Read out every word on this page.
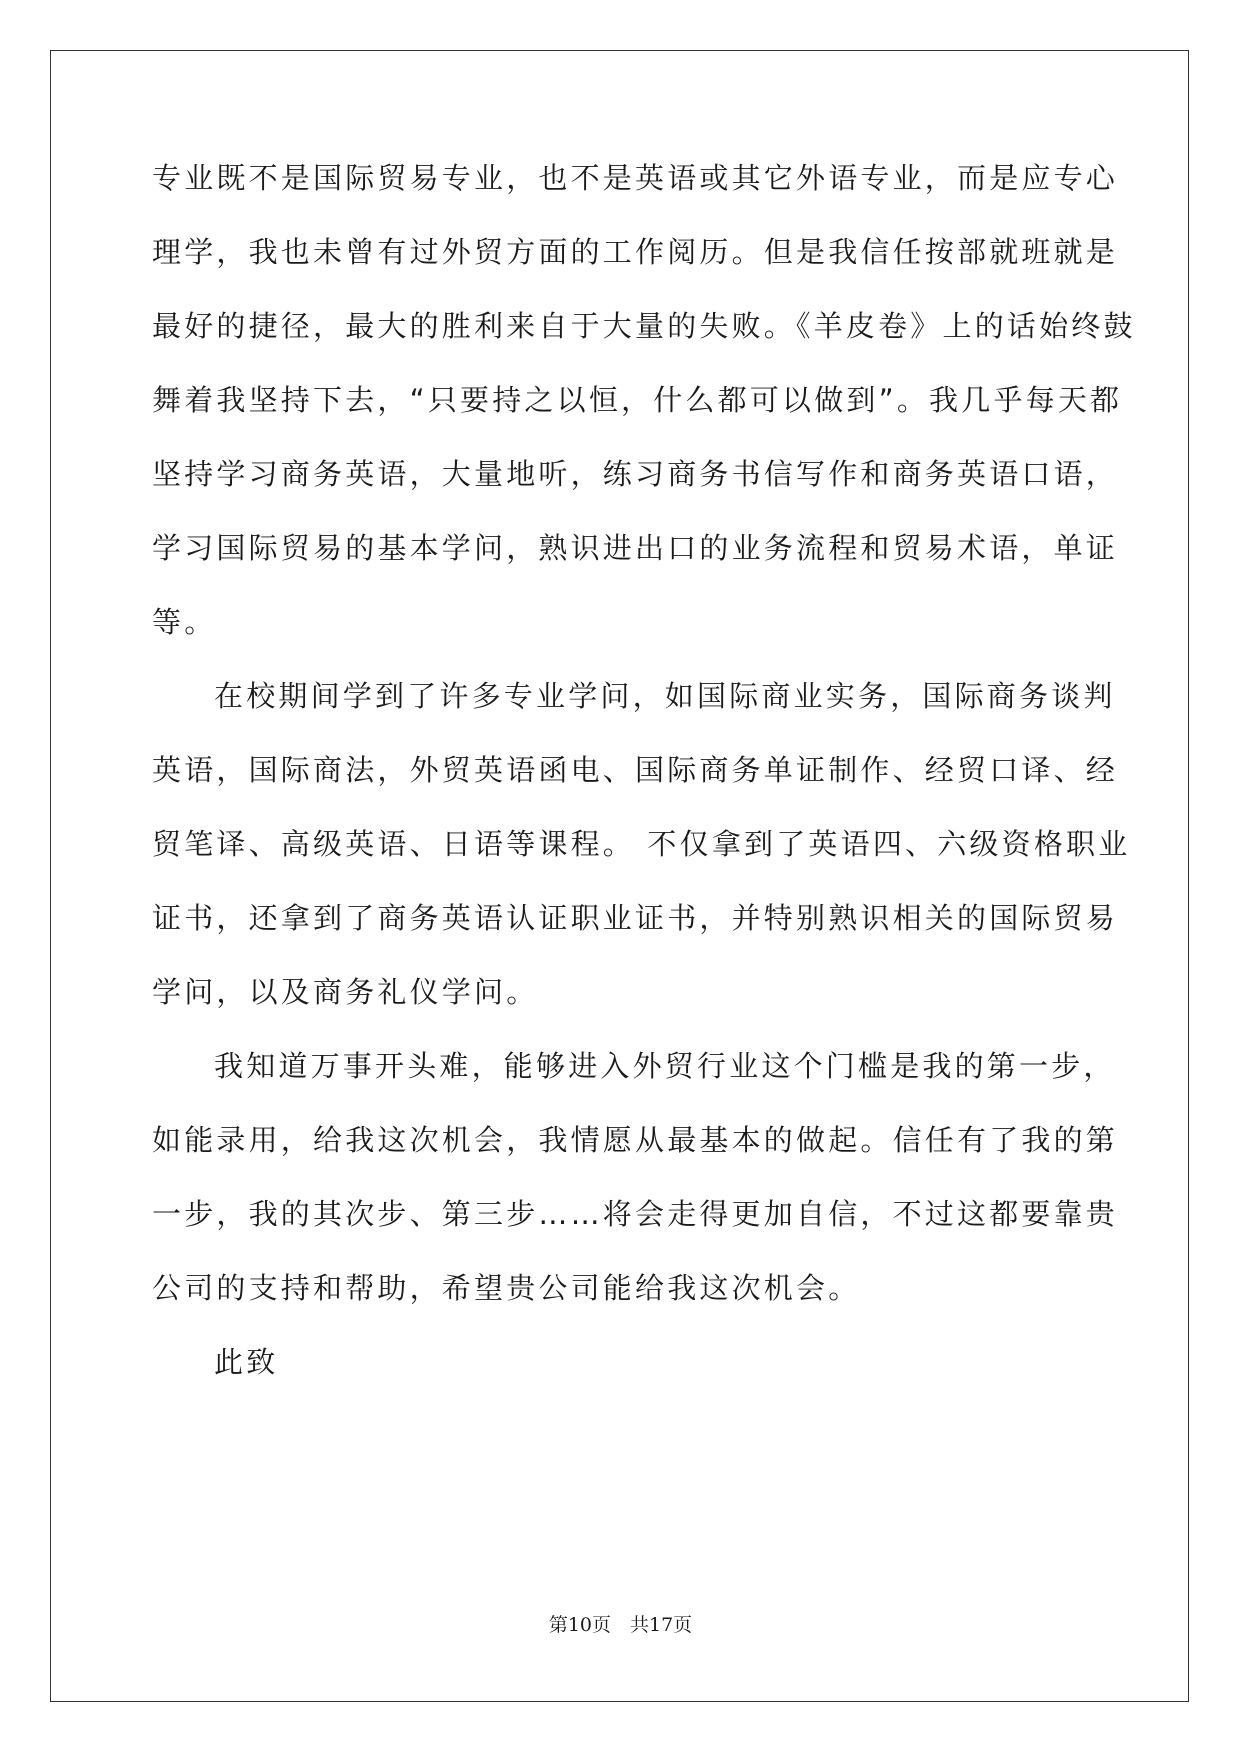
专业既不是国际贸易专业，也不是英语或其它外语专业，而是应专心
理学，我也未曾有过外贸方面的工作阅历。但是我信任按部就班就是
最好的捷径，最大的胜利来自于大量的失败。《羊皮卷》上的话始终鼓
舞着我坚持下去，“只要持之以恒，什么都可以做到”。我几乎每天都
坚持学习商务英语，大量地听，练习商务书信写作和商务英语口语，
学习国际贸易的基本学问，熟识进出口的业务流程和贸易术语，单证
等。
在校期间学到了许多专业学问，如国际商业实务，国际商务谈判
英语，国际商法，外贸英语函电、国际商务单证制作、经贸口译、经
贸笔译、高级英语、日语等课程。 不仅拿到了英语四、六级资格职业
证书，还拿到了商务英语认证职业证书，并特别熟识相关的国际贸易
学问，以及商务礼仪学问。
我知道万事开头难，能够进入外贸行业这个门槛是我的第一步，
如能录用，给我这次机会，我情愿从最基本的做起。信任有了我的第
一步，我的其次步、第三步……将会走得更加自信，不过这都要靠贵
公司的支持和帮助，希望贵公司能给我这次机会。
此致
第10页　共17页
